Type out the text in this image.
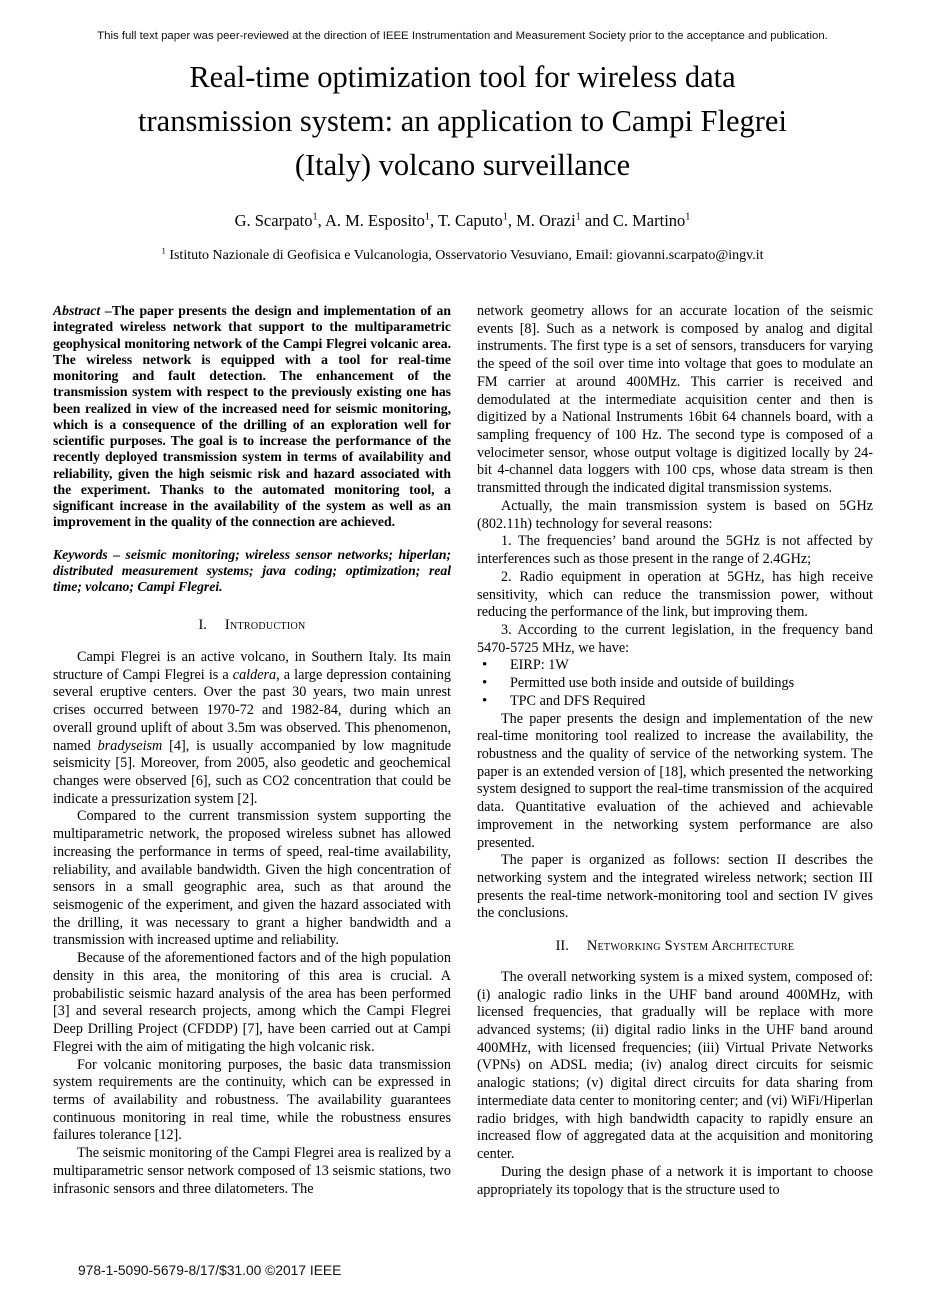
This full text paper was peer-reviewed at the direction of IEEE Instrumentation and Measurement Society prior to the acceptance and publication.
Real-time optimization tool for wireless data
transmission system: an application to Campi Flegrei
(Italy) volcano surveillance
G. Scarpato$^1$, A. M. Esposito$^1$, T. Caputo$^1$, M. Orazi$^1$ and C. Martino$^1$
$^1$ Istituto Nazionale di Geofisica e Vulcanologia, Osservatorio Vesuviano, Email: giovanni.scarpato@ingv.it

Abstract –The paper presents the design and implementation of an integrated wireless network that support to the multiparametric geophysical monitoring network of the Campi Flegrei volcanic area. The wireless network is equipped with a tool for real-time monitoring and fault detection. The enhancement of the transmission system with respect to the previously existing one has been realized in view of the increased need for seismic monitoring, which is a consequence of the drilling of an exploration well for scientific purposes. The goal is to increase the performance of the recently deployed transmission system in terms of availability and reliability, given the high seismic risk and hazard associated with the experiment. Thanks to the automated monitoring tool, a significant increase in the availability of the system as well as an improvement in the quality of the connection are achieved.

Keywords – seismic monitoring; wireless sensor networks; hiperlan; distributed measurement systems; java coding; optimization; real time; volcano; Campi Flegrei.

I. Introduction

Campi Flegrei is an active volcano, in Southern Italy. Its main structure of Campi Flegrei is a caldera, a large depression containing several eruptive centers. Over the past 30 years, two main unrest crises occurred between 1970-72 and 1982-84, during which an overall ground uplift of about 3.5m was observed. This phenomenon, named bradyseism [4], is usually accompanied by low magnitude seismicity [5]. Moreover, from 2005, also geodetic and geochemical changes were observed [6], such as CO2 concentration that could be indicate a pressurization system [2].

Compared to the current transmission system supporting the multiparametric network, the proposed wireless subnet has allowed increasing the performance in terms of speed, real-time availability, reliability, and available bandwidth. Given the high concentration of sensors in a small geographic area, such as that around the seismogenic of the experiment, and given the hazard associated with the drilling, it was necessary to grant a higher bandwidth and a transmission with increased uptime and reliability.

Because of the aforementioned factors and of the high population density in this area, the monitoring of this area is crucial. A probabilistic seismic hazard analysis of the area has been performed [3] and several research projects, among which the Campi Flegrei Deep Drilling Project (CFDDP) [7], have been carried out at Campi Flegrei with the aim of mitigating the high volcanic risk.

For volcanic monitoring purposes, the basic data transmission system requirements are the continuity, which can be expressed in terms of availability and robustness. The availability guarantees continuous monitoring in real time, while the robustness ensures failures tolerance [12].

The seismic monitoring of the Campi Flegrei area is realized by a multiparametric sensor network composed of 13 seismic stations, two infrasonic sensors and three dilatometers. The

network geometry allows for an accurate location of the seismic events [8]. Such as a network is composed by analog and digital instruments. The first type is a set of sensors, transducers for varying the speed of the soil over time into voltage that goes to modulate an FM carrier at around 400MHz. This carrier is received and demodulated at the intermediate acquisition center and then is digitized by a National Instruments 16bit 64 channels board, with a sampling frequency of 100 Hz. The second type is composed of a velocimeter sensor, whose output voltage is digitized locally by 24-bit 4-channel data loggers with 100 cps, whose data stream is then transmitted through the indicated digital transmission systems.

Actually, the main transmission system is based on 5GHz (802.11h) technology for several reasons:

1. The frequencies’ band around the 5GHz is not affected by interferences such as those present in the range of 2.4GHz;

2. Radio equipment in operation at 5GHz, has high receive sensitivity, which can reduce the transmission power, without reducing the performance of the link, but improving them.

3. According to the current legislation, in the frequency band 5470-5725 MHz, we have:

• EIRP: 1W
• Permitted use both inside and outside of buildings
• TPC and DFS Required

The paper presents the design and implementation of the new real-time monitoring tool realized to increase the availability, the robustness and the quality of service of the networking system. The paper is an extended version of [18], which presented the networking system designed to support the real-time transmission of the acquired data. Quantitative evaluation of the achieved and achievable improvement in the networking system performance are also presented.

The paper is organized as follows: section II describes the networking system and the integrated wireless network; section III presents the real-time network-monitoring tool and section IV gives the conclusions.

II. Networking System Architecture

The overall networking system is a mixed system, composed of: (i) analogic radio links in the UHF band around 400MHz, with licensed frequencies, that gradually will be replace with more advanced systems; (ii) digital radio links in the UHF band around 400MHz, with licensed frequencies; (iii) Virtual Private Networks (VPNs) on ADSL media; (iv) analog direct circuits for seismic analogic stations; (v) digital direct circuits for data sharing from intermediate data center to monitoring center; and (vi) WiFi/Hiperlan radio bridges, with high bandwidth capacity to rapidly ensure an increased flow of aggregated data at the acquisition and monitoring center.

During the design phase of a network it is important to choose appropriately its topology that is the structure used to

978-1-5090-5679-8/17/$31.00 ©2017 IEEE
